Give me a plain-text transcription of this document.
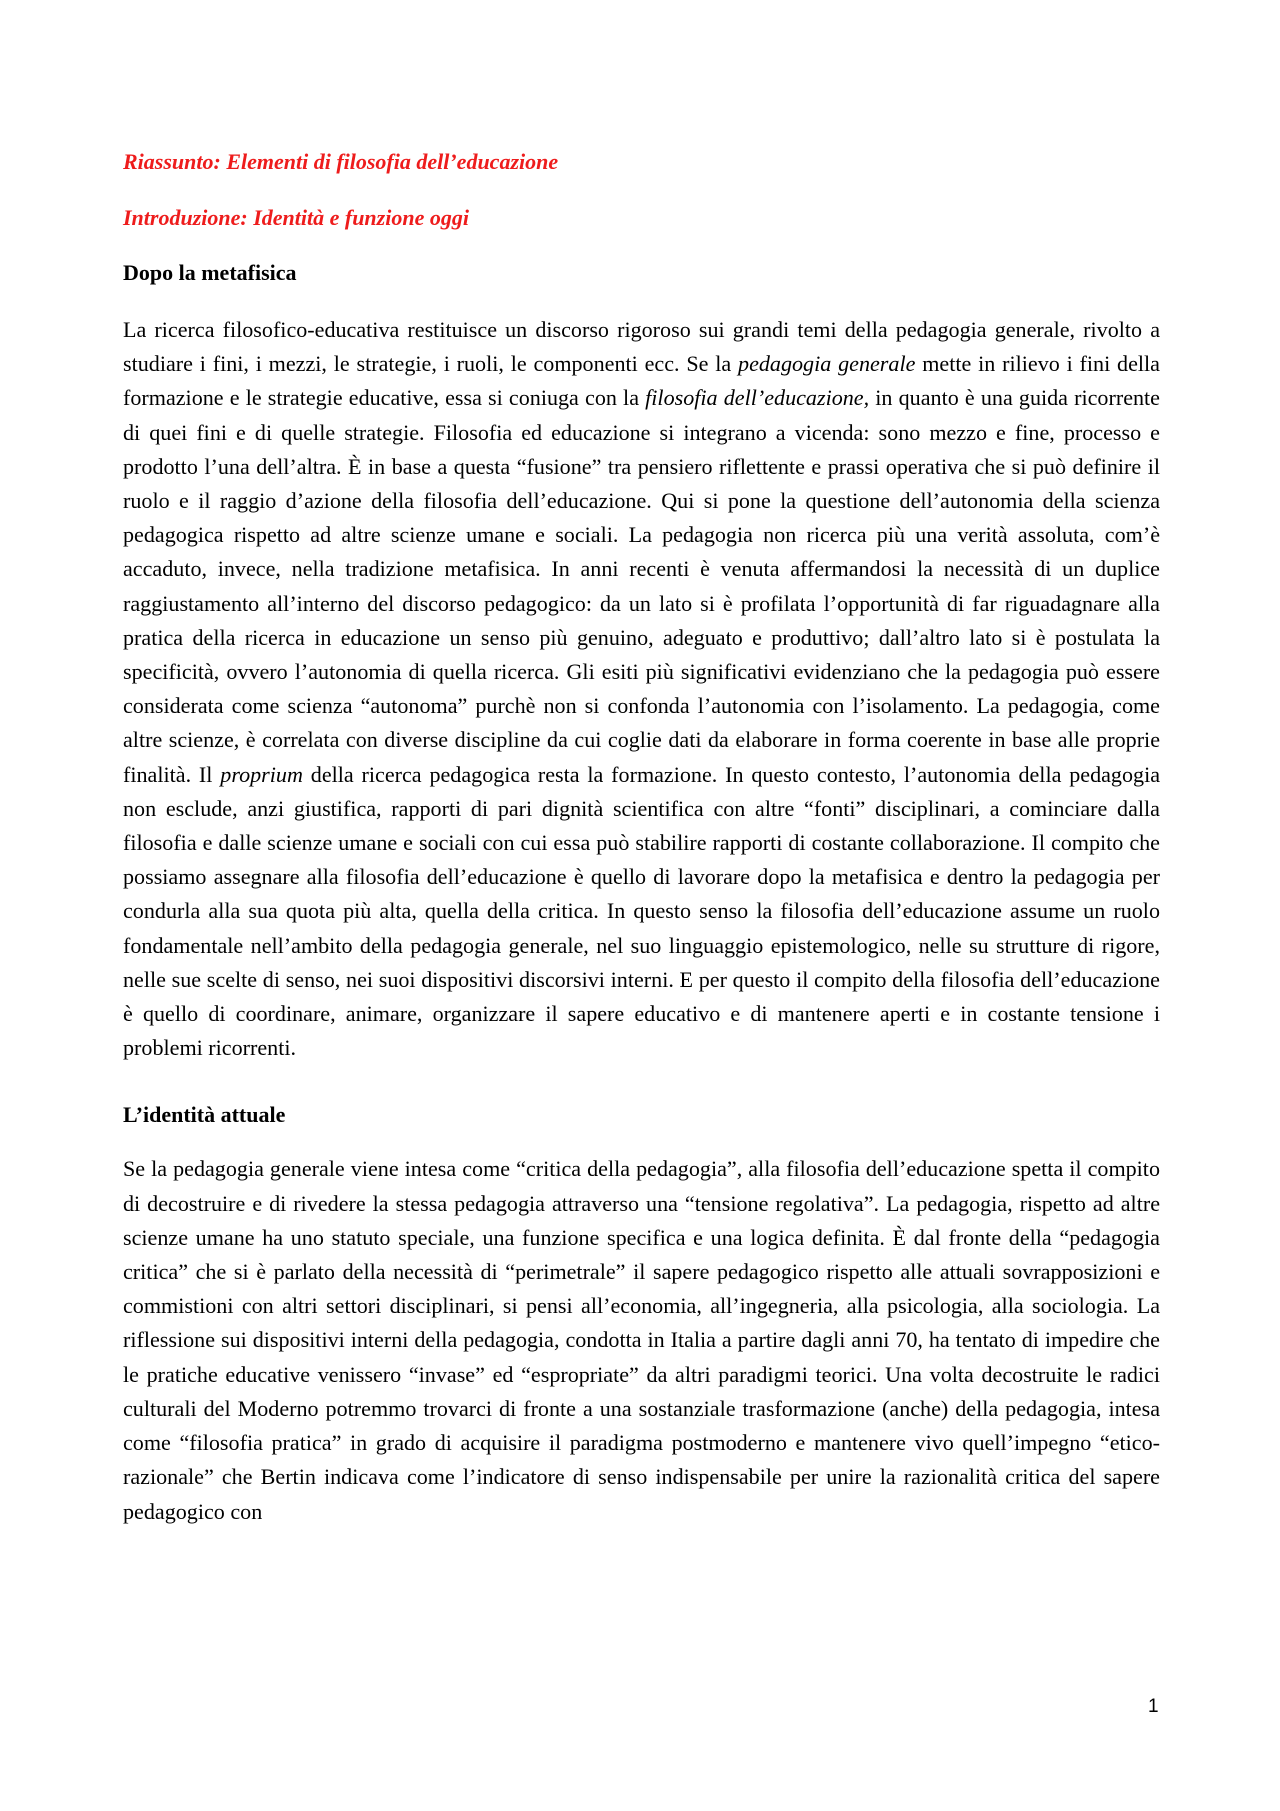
Riassunto: Elementi di filosofia dell’educazione

Introduzione: Identità e funzione oggi

Dopo la metafisica

La ricerca filosofico-educativa restituisce un discorso rigoroso sui grandi temi della pedagogia generale, rivolto a studiare i fini, i mezzi, le strategie, i ruoli, le componenti ecc. Se la pedagogia generale mette in rilievo i fini della formazione e le strategie educative, essa si coniuga con la filosofia dell’educazione, in quanto è una guida ricorrente di quei fini e di quelle strategie. Filosofia ed educazione si integrano a vicenda: sono mezzo e fine, processo e prodotto l’una dell’altra. È in base a questa “fusione” tra pensiero riflettente e prassi operativa che si può definire il ruolo e il raggio d’azione della filosofia dell’educazione. Qui si pone la questione dell’autonomia della scienza pedagogica rispetto ad altre scienze umane e sociali. La pedagogia non ricerca più una verità assoluta, com’è accaduto, invece, nella tradizione metafisica. In anni recenti è venuta affermandosi la necessità di un duplice raggiustamento all’interno del discorso pedagogico: da un lato si è profilata l’opportunità di far riguadagnare alla pratica della ricerca in educazione un senso più genuino, adeguato e produttivo; dall’altro lato si è postulata la specificità, ovvero l’autonomia di quella ricerca. Gli esiti più significativi evidenziano che la pedagogia può essere considerata come scienza “autonoma” purchè non si confonda l’autonomia con l’isolamento. La pedagogia, come altre scienze, è correlata con diverse discipline da cui coglie dati da elaborare in forma coerente in base alle proprie finalità. Il proprium della ricerca pedagogica resta la formazione. In questo contesto, l’autonomia della pedagogia non esclude, anzi giustifica, rapporti di pari dignità scientifica con altre “fonti” disciplinari, a cominciare dalla filosofia e dalle scienze umane e sociali con cui essa può stabilire rapporti di costante collaborazione. Il compito che possiamo assegnare alla filosofia dell’educazione è quello di lavorare dopo la metafisica e dentro la pedagogia per condurla alla sua quota più alta, quella della critica. In questo senso la filosofia dell’educazione assume un ruolo fondamentale nell’ambito della pedagogia generale, nel suo linguaggio epistemologico, nelle su strutture di rigore, nelle sue scelte di senso, nei suoi dispositivi discorsivi interni. E per questo il compito della filosofia dell’educazione è quello di coordinare, animare, organizzare il sapere educativo e di mantenere aperti e in costante tensione i problemi ricorrenti.

L’identità attuale

Se la pedagogia generale viene intesa come “critica della pedagogia”, alla filosofia dell’educazione spetta il compito di decostruire e di rivedere la stessa pedagogia attraverso una “tensione regolativa”. La pedagogia, rispetto ad altre scienze umane ha uno statuto speciale, una funzione specifica e una logica definita. È dal fronte della “pedagogia critica” che si è parlato della necessità di “perimetrale” il sapere pedagogico rispetto alle attuali sovrapposizioni e commistioni con altri settori disciplinari, si pensi all’economia, all’ingegneria, alla psicologia, alla sociologia. La riflessione sui dispositivi interni della pedagogia, condotta in Italia a partire dagli anni 70, ha tentato di impedire che le pratiche educative venissero “invase” ed “espropriate” da altri paradigmi teorici. Una volta decostruite le radici culturali del Moderno potremmo trovarci di fronte a una sostanziale trasformazione (anche) della pedagogia, intesa come “filosofia pratica” in grado di acquisire il paradigma postmoderno e mantenere vivo quell’impegno “etico-razionale” che Bertin indicava come l’indicatore di senso indispensabile per unire la razionalità critica del sapere pedagogico con

1
